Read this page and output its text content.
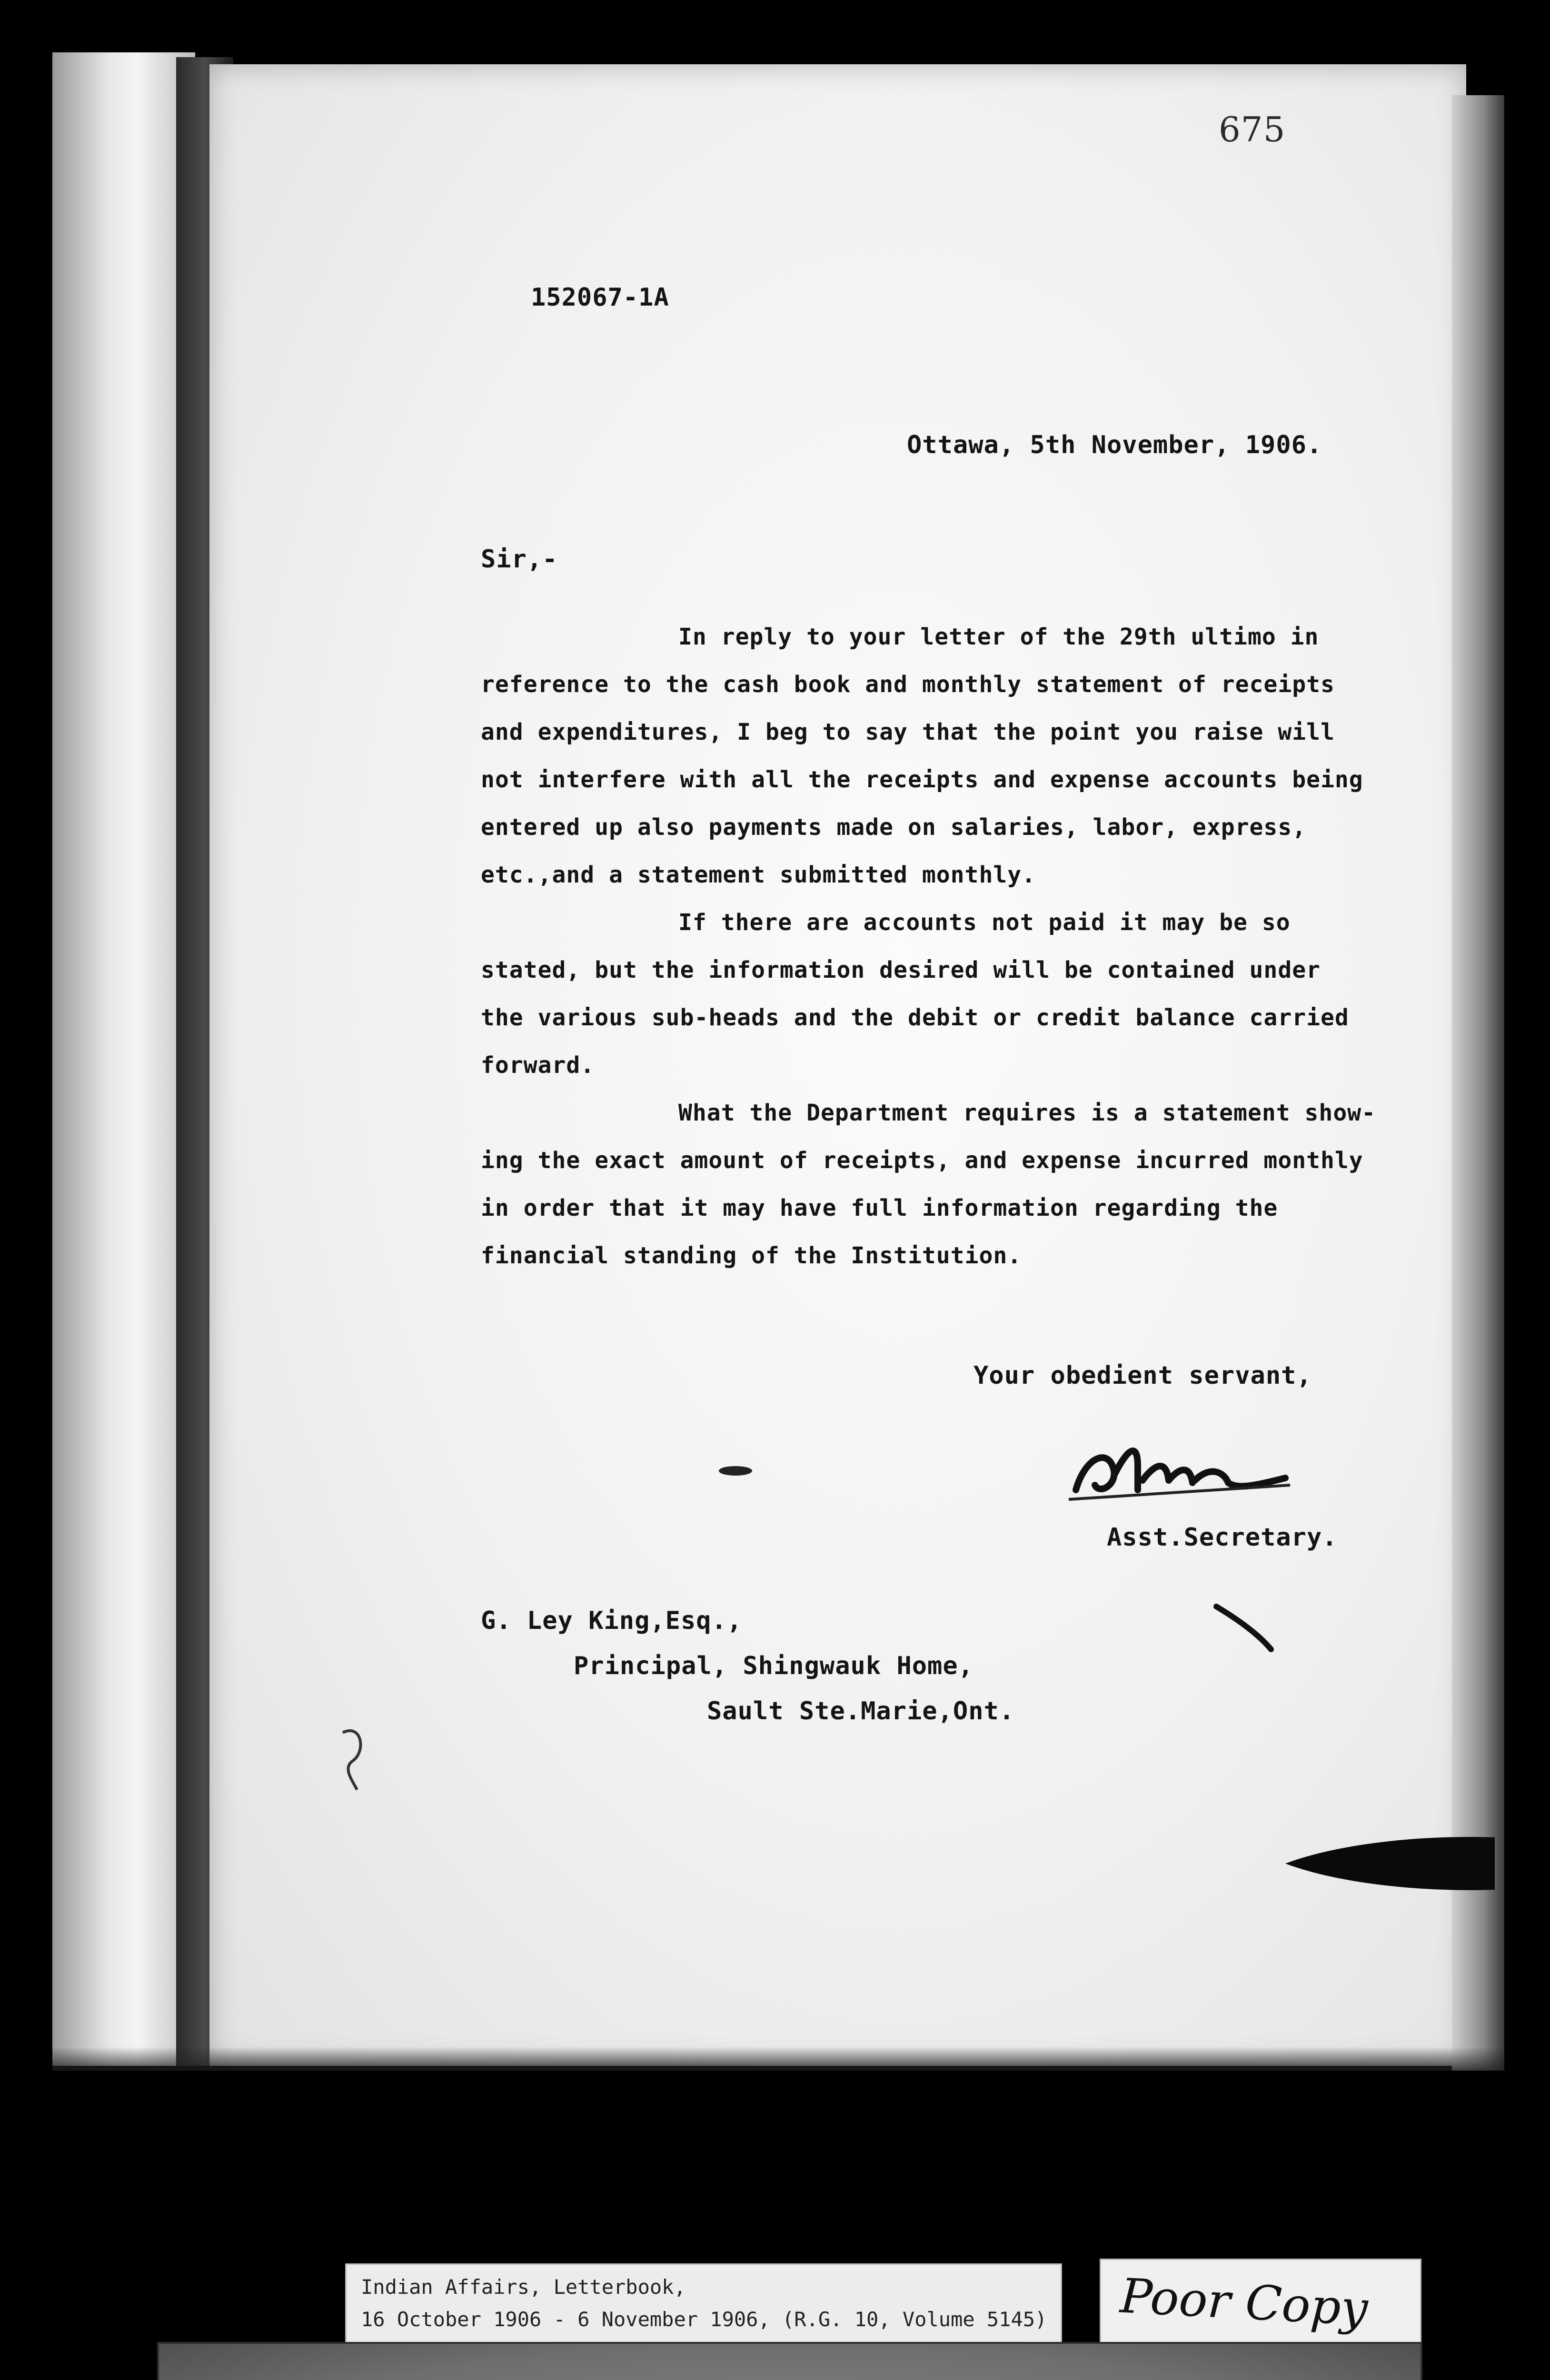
675
152067-1A
Ottawa, 5th November, 1906.
Sir,-
In reply to your letter of the 29th ultimo in
reference to the cash book and monthly statement of receipts
and expenditures, I beg to say that the point you raise will
not interfere with all the receipts and expense accounts being
entered up also payments made on salaries, labor, express,
etc.,and a statement submitted monthly.
If there are accounts not paid it may be so
stated, but the information desired will be contained under
the various sub-heads and the debit or credit balance carried
forward.
What the Department requires is a statement show-
ing the exact amount of receipts, and expense incurred monthly
in order that it may have full information regarding the
financial standing of the Institution.
Your obedient servant,
Asst.Secretary.
G. Ley King,Esq.,
Principal, Shingwauk Home,
Sault Ste.Marie,Ont.
Indian Affairs, Letterbook,
16 October 1906 - 6 November 1906, (R.G. 10, Volume 5145) Poor Copy
